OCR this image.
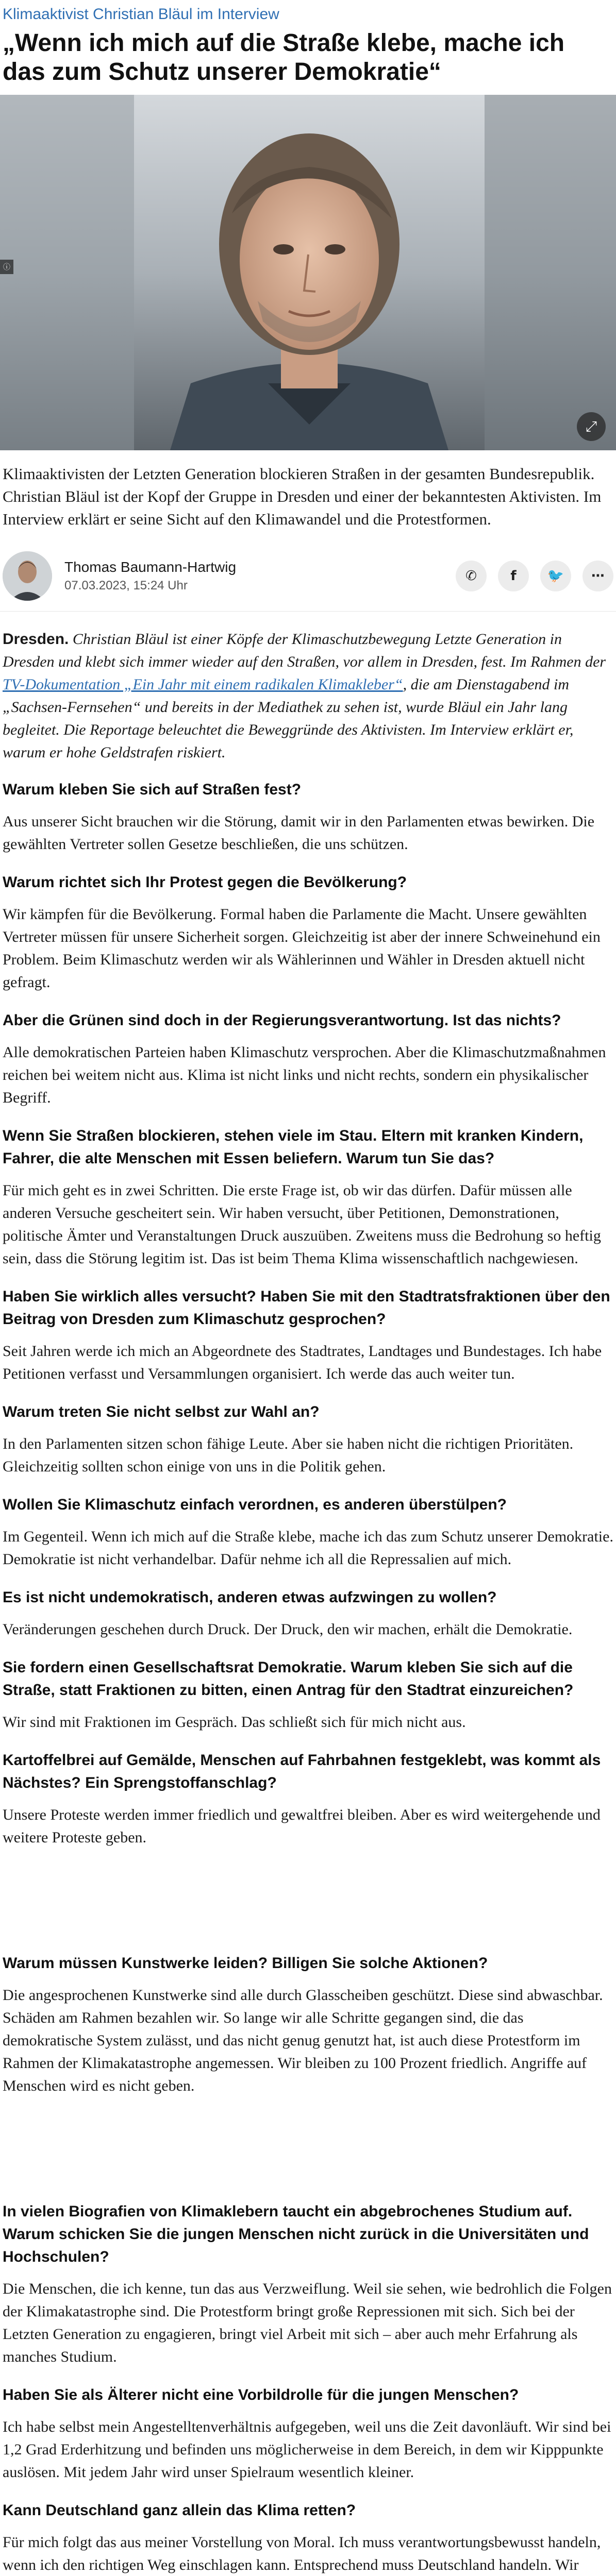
Klimaaktivist Christian Bläul im Interview
„Wenn ich mich auf die Straße klebe, mache ich das zum Schutz unserer Demokratie“
ⓘ
⤢

Klimaaktivisten der Letzten Generation blockieren Straßen in der gesamten Bundesrepublik. Christian Bläul ist der Kopf der Gruppe in Dresden und einer der bekanntesten Aktivisten. Im Interview erklärt er seine Sicht auf den Klimawandel und die Protestformen.

Thomas Baumann-Hartwig
07.03.2023, 15:24 Uhr
✆	f	🐦	⋯

Dresden. Christian Bläul ist einer Köpfe der Klimaschutzbewegung Letzte Generation in Dresden und klebt sich immer wieder auf den Straßen, vor allem in Dresden, fest. Im Rahmen der TV-Dokumentation „Ein Jahr mit einem radikalen Klimakleber“, die am Dienstagabend im „Sachsen-Fernsehen“ und bereits in der Mediathek zu sehen ist, wurde Bläul ein Jahr lang begleitet. Die Reportage beleuchtet die Beweggründe des Aktivisten. Im Interview erklärt er, warum er hohe Geldstrafen riskiert.

Warum kleben Sie sich auf Straßen fest?

Aus unserer Sicht brauchen wir die Störung, damit wir in den Parlamenten etwas bewirken. Die gewählten Vertreter sollen Gesetze beschließen, die uns schützen.

Warum richtet sich Ihr Protest gegen die Bevölkerung?

Wir kämpfen für die Bevölkerung. Formal haben die Parlamente die Macht. Unsere gewählten Vertreter müssen für unsere Sicherheit sorgen. Gleichzeitig ist aber der innere Schweinehund ein Problem. Beim Klimaschutz werden wir als Wählerinnen und Wähler in Dresden aktuell nicht gefragt.

Aber die Grünen sind doch in der Regierungsverantwortung. Ist das nichts?

Alle demokratischen Parteien haben Klimaschutz versprochen. Aber die Klimaschutzmaßnahmen reichen bei weitem nicht aus. Klima ist nicht links und nicht rechts, sondern ein physikalischer Begriff.

Wenn Sie Straßen blockieren, stehen viele im Stau. Eltern mit kranken Kindern, Fahrer, die alte Menschen mit Essen beliefern. Warum tun Sie das?

Für mich geht es in zwei Schritten. Die erste Frage ist, ob wir das dürfen. Dafür müssen alle anderen Versuche gescheitert sein. Wir haben versucht, über Petitionen, Demonstrationen, politische Ämter und Veranstaltungen Druck auszuüben. Zweitens muss die Bedrohung so heftig sein, dass die Störung legitim ist. Das ist beim Thema Klima wissenschaftlich nachgewiesen.

Haben Sie wirklich alles versucht? Haben Sie mit den Stadtratsfraktionen über den Beitrag von Dresden zum Klimaschutz gesprochen?

Seit Jahren werde ich mich an Abgeordnete des Stadtrates, Landtages und Bundestages. Ich habe Petitionen verfasst und Versammlungen organisiert. Ich werde das auch weiter tun.

Warum treten Sie nicht selbst zur Wahl an?

In den Parlamenten sitzen schon fähige Leute. Aber sie haben nicht die richtigen Prioritäten. Gleichzeitig sollten schon einige von uns in die Politik gehen.

Wollen Sie Klimaschutz einfach verordnen, es anderen überstülpen?

Im Gegenteil. Wenn ich mich auf die Straße klebe, mache ich das zum Schutz unserer Demokratie. Demokratie ist nicht verhandelbar. Dafür nehme ich all die Repressalien auf mich.

Es ist nicht undemokratisch, anderen etwas aufzwingen zu wollen?

Veränderungen geschehen durch Druck. Der Druck, den wir machen, erhält die Demokratie.

Sie fordern einen Gesellschaftsrat Demokratie. Warum kleben Sie sich auf die Straße, statt Fraktionen zu bitten, einen Antrag für den Stadtrat einzureichen?

Wir sind mit Fraktionen im Gespräch. Das schließt sich für mich nicht aus.

Kartoffelbrei auf Gemälde, Menschen auf Fahrbahnen festgeklebt, was kommt als Nächstes? Ein Sprengstoffanschlag?

Unsere Proteste werden immer friedlich und gewaltfrei bleiben. Aber es wird weitergehende und weitere Proteste geben.

Warum müssen Kunstwerke leiden? Billigen Sie solche Aktionen?

Die angesprochenen Kunstwerke sind alle durch Glasscheiben geschützt. Diese sind abwaschbar. Schäden am Rahmen bezahlen wir. So lange wir alle Schritte gegangen sind, die das demokratische System zulässt, und das nicht genug genutzt hat, ist auch diese Protestform im Rahmen der Klimakatastrophe angemessen. Wir bleiben zu 100 Prozent friedlich. Angriffe auf Menschen wird es nicht geben.

In vielen Biografien von Klimaklebern taucht ein abgebrochenes Studium auf. Warum schicken Sie die jungen Menschen nicht zurück in die Universitäten und Hochschulen?

Die Menschen, die ich kenne, tun das aus Verzweiflung. Weil sie sehen, wie bedrohlich die Folgen der Klimakatastrophe sind. Die Protestform bringt große Repressionen mit sich. Sich bei der Letzten Generation zu engagieren, bringt viel Arbeit mit sich – aber auch mehr Erfahrung als manches Studium.

Haben Sie als Älterer nicht eine Vorbildrolle für die jungen Menschen?

Ich habe selbst mein Angestelltenverhältnis aufgegeben, weil uns die Zeit davonläuft. Wir sind bei 1,2 Grad Erderhitzung und befinden uns möglicherweise in dem Bereich, in dem wir Kipppunkte auslösen. Mit jedem Jahr wird unser Spielraum wesentlich kleiner.

Kann Deutschland ganz allein das Klima retten?

Für mich folgt das aus meiner Vorstellung von Moral. Ich muss verantwortungsbewusst handeln, wenn ich den richtigen Weg einschlagen kann. Entsprechend muss Deutschland handeln. Wir
